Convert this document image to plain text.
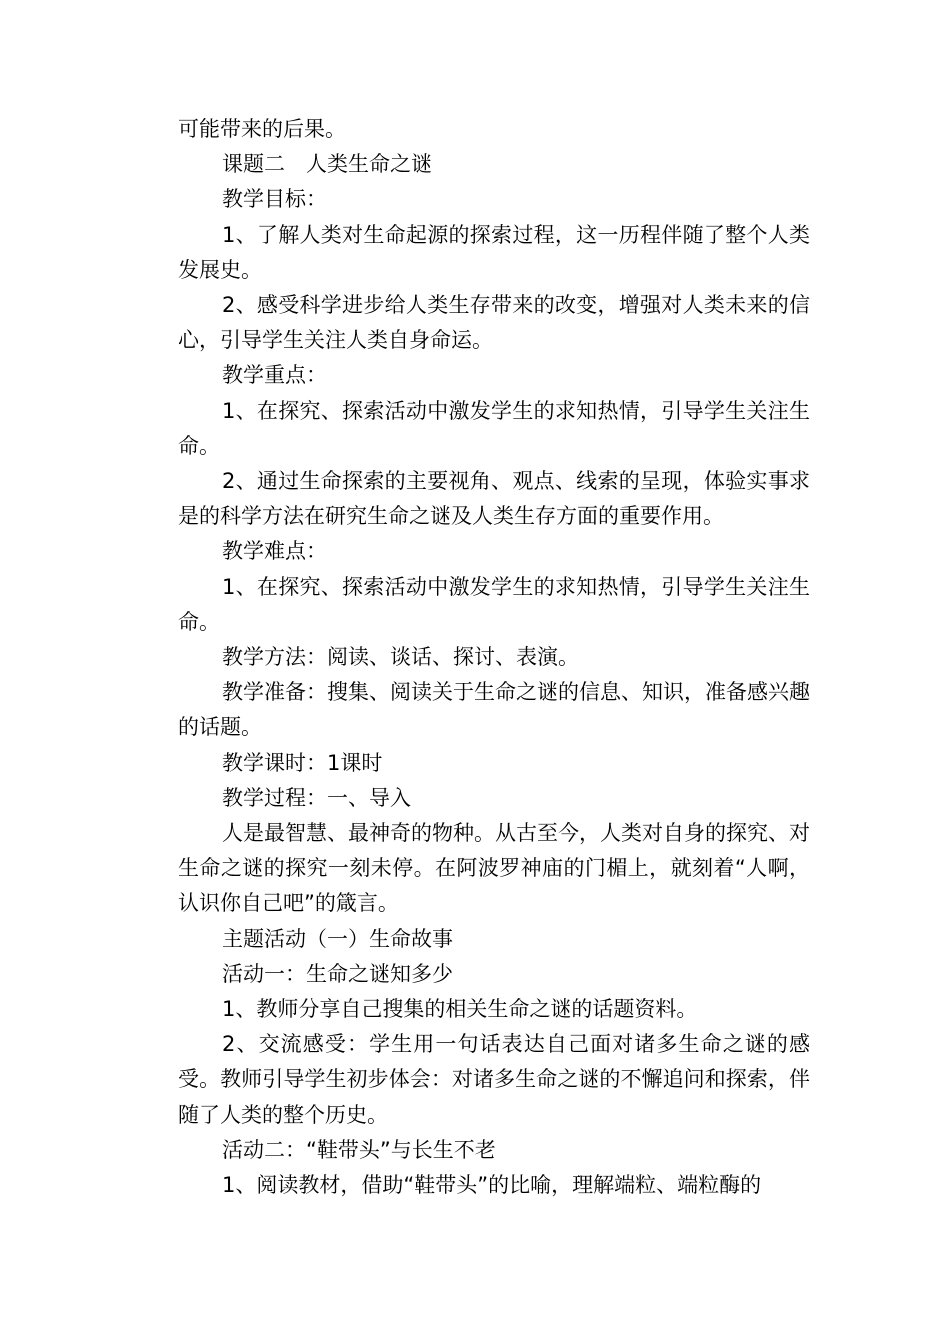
可能带来的后果。

课题二　人类生命之谜

教学目标：

1、了解人类对生命起源的探索过程，这一历程伴随了整个人类发展史。

2、感受科学进步给人类生存带来的改变，增强对人类未来的信心，引导学生关注人类自身命运。

教学重点：

1、在探究、探索活动中激发学生的求知热情，引导学生关注生命。

2、通过生命探索的主要视角、观点、线索的呈现，体验实事求是的科学方法在研究生命之谜及人类生存方面的重要作用。

教学难点：

1、在探究、探索活动中激发学生的求知热情，引导学生关注生命。

教学方法：阅读、谈话、探讨、表演。

教学准备：搜集、阅读关于生命之谜的信息、知识，准备感兴趣的话题。

教学课时：1课时

教学过程：一、导入

人是最智慧、最神奇的物种。从古至今，人类对自身的探究、对生命之谜的探究一刻未停。在阿波罗神庙的门楣上，就刻着“人啊，认识你自己吧”的箴言。

主题活动（一）生命故事

活动一：生命之谜知多少

1、教师分享自己搜集的相关生命之谜的话题资料。

2、交流感受：学生用一句话表达自己面对诸多生命之谜的感受。教师引导学生初步体会：对诸多生命之谜的不懈追问和探索，伴随了人类的整个历史。

活动二：“鞋带头”与长生不老

1、阅读教材，借助“鞋带头”的比喻，理解端粒、端粒酶的
